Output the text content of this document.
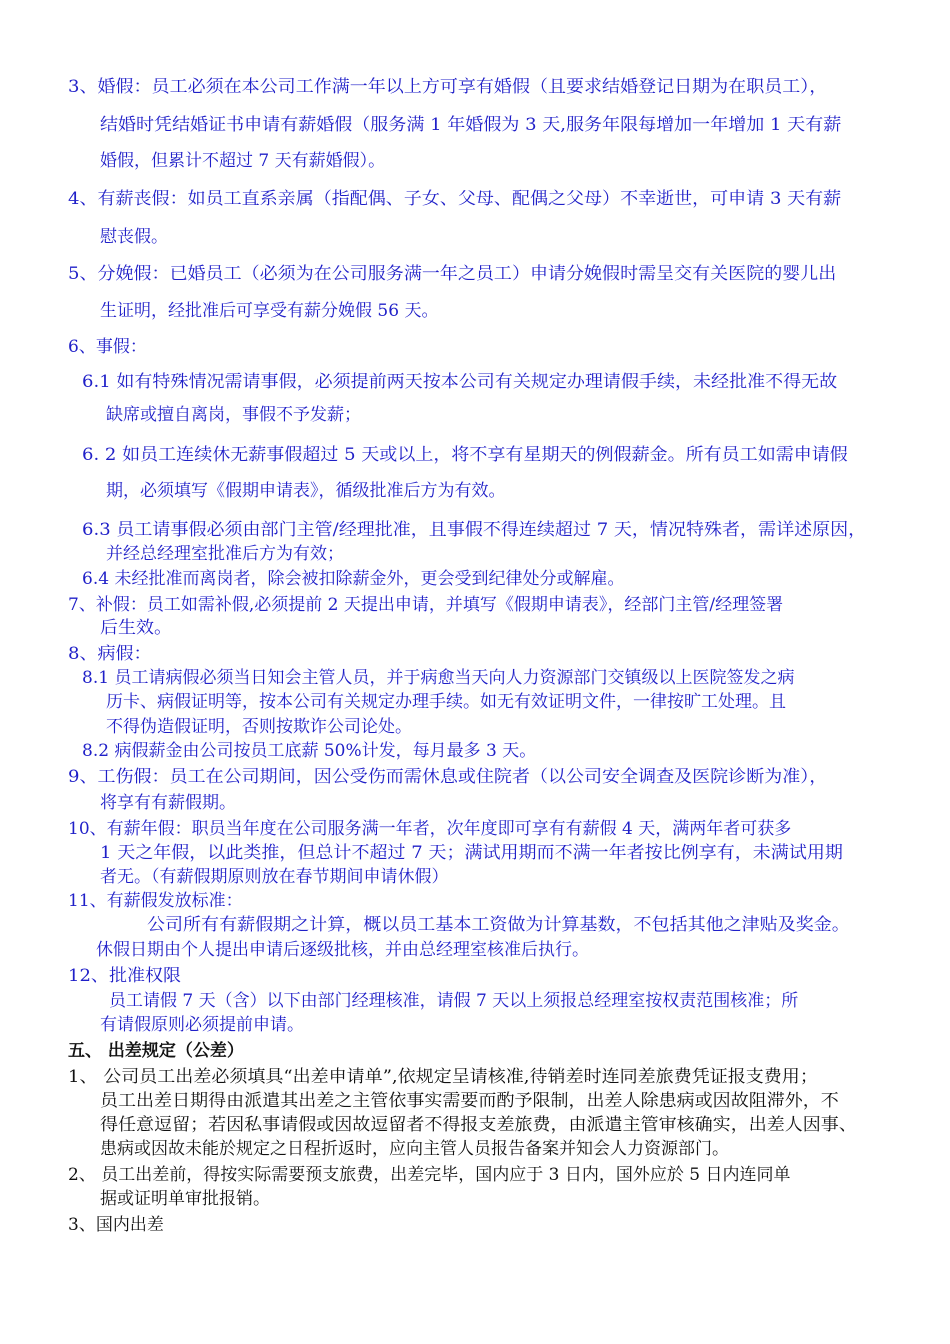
3、婚假：员工必须在本公司工作满一年以上方可享有婚假（且要求结婚登记日期为在职员工），
结婚时凭结婚证书申请有薪婚假（服务满 1 年婚假为 3 天,服务年限每增加一年增加 1 天有薪
婚假，但累计不超过 7 天有薪婚假）。
4、有薪丧假：如员工直系亲属（指配偶、子女、父母、配偶之父母）不幸逝世，可申请 3 天有薪
慰丧假。
5、分娩假：已婚员工（必须为在公司服务满一年之员工）申请分娩假时需呈交有关医院的婴儿出
生证明，经批准后可享受有薪分娩假 56 天。
6、事假：
6.1 如有特殊情况需请事假，必须提前两天按本公司有关规定办理请假手续，未经批准不得无故
缺席或擅自离岗，事假不予发薪；
6. 2 如员工连续休无薪事假超过 5 天或以上，将不享有星期天的例假薪金。所有员工如需申请假
期，必须填写《假期申请表》，循级批准后方为有效。
6.3 员工请事假必须由部门主管/经理批准，且事假不得连续超过 7 天，情况特殊者，需详述原因，
并经总经理室批准后方为有效；
6.4 未经批准而离岗者，除会被扣除薪金外，更会受到纪律处分或解雇。
7、补假：员工如需补假,必须提前 2 天提出申请，并填写《假期申请表》，经部门主管/经理签署
后生效。
8、病假：
8.1 员工请病假必须当日知会主管人员，并于病愈当天向人力资源部门交镇级以上医院签发之病
历卡、病假证明等，按本公司有关规定办理手续。如无有效证明文件，一律按旷工处理。且
不得伪造假证明，否则按欺诈公司论处。
8.2 病假薪金由公司按员工底薪 50%计发，每月最多 3 天。
9、工伤假：员工在公司期间，因公受伤而需休息或住院者（以公司安全调查及医院诊断为准），
将享有有薪假期。
10、有薪年假：职员当年度在公司服务满一年者，次年度即可享有有薪假 4 天，满两年者可获多
1 天之年假，以此类推，但总计不超过 7 天；满试用期而不满一年者按比例享有，未满试用期
者无。（有薪假期原则放在春节期间申请休假）
11、有薪假发放标准：
公司所有有薪假期之计算，概以员工基本工资做为计算基数，不包括其他之津贴及奖金。
休假日期由个人提出申请后逐级批核，并由总经理室核准后执行。
12、批准权限
员工请假 7 天（含）以下由部门经理核准，请假 7 天以上须报总经理室按权责范围核准；所
有请假原则必须提前申请。
五、 出差规定（公差）
1、 公司员工出差必须填具“出差申请单”,依规定呈请核准,待销差时连同差旅费凭证报支费用；
员工出差日期得由派遣其出差之主管依事实需要而酌予限制，出差人除患病或因故阻滞外，不
得任意逗留；若因私事请假或因故逗留者不得报支差旅费，由派遣主管审核确实，出差人因事、
患病或因故未能於规定之日程折返时，应向主管人员报告备案并知会人力资源部门。
2、 员工出差前，得按实际需要预支旅费，出差完毕，国内应于 3 日内，国外应於 5 日内连同单
据或证明单审批报销。
3、国内出差
